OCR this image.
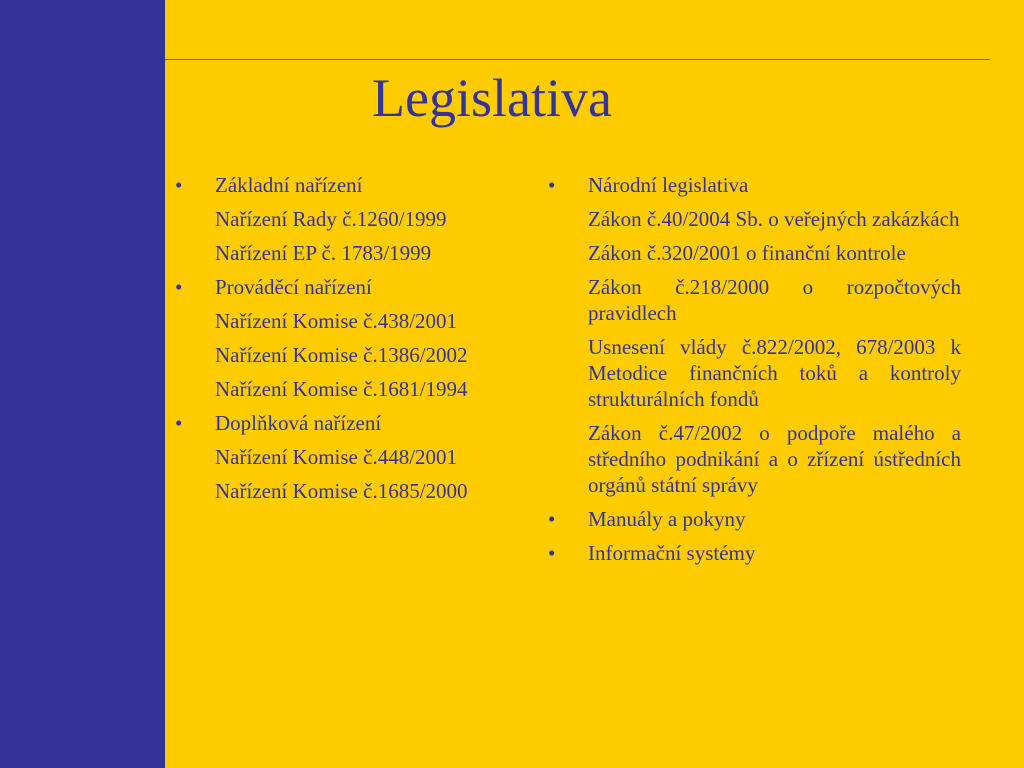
Legislativa
• Základní nařízení
Nařízení Rady č.1260/1999
Nařízení EP č. 1783/1999
• Prováděcí nařízení
Nařízení Komise č.438/2001
Nařízení Komise č.1386/2002
Nařízení Komise č.1681/1994
• Doplňková nařízení
Nařízení Komise č.448/2001
Nařízení Komise č.1685/2000
• Národní legislativa
Zákon č.40/2004 Sb. o veřejných zakázkách
Zákon č.320/2001 o finanční kontrole
Zákon č.218/2000 o rozpočtových pravidlech
Usnesení vlády č.822/2002, 678/2003 k Metodice finančních toků a kontroly strukturálních fondů
Zákon č.47/2002 o podpoře malého a středního podnikání a o zřízení ústředních orgánů státní správy
• Manuály a pokyny
• Informační systémy
